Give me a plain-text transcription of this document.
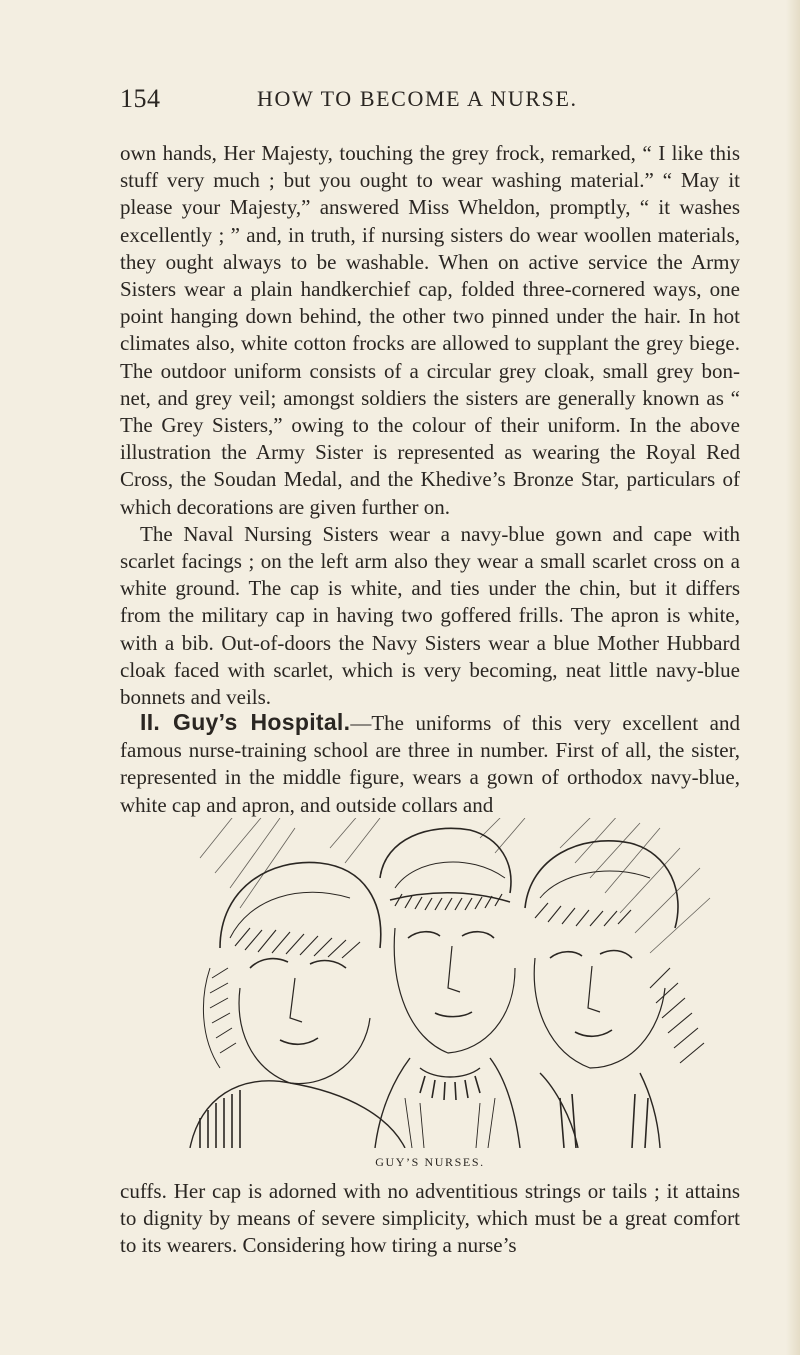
154	HOW TO BECOME A NURSE.

own hands, Her Majesty, touching the grey frock, remarked, “ I like this stuff very much ; but you ought to wear washing material.” “ May it please your Majesty,” answered Miss Wheldon, promptly, “ it washes excellently ; ” and, in truth, if nursing sisters do wear woollen materials, they ought always to be washable. When on active service the Army Sisters wear a plain handkerchief cap, folded three-cornered ways, one point hanging down behind, the other two pinned under the hair. In hot climates also, white cotton frocks are allowed to supplant the grey biege. The outdoor uniform consists of a circular grey cloak, small grey bon-net, and grey veil; amongst soldiers the sisters are generally known as “ The Grey Sisters,” owing to the colour of their uniform. In the above illustration the Army Sister is represented as wearing the Royal Red Cross, the Soudan Medal, and the Khedive’s Bronze Star, particulars of which decorations are given further on.

The Naval Nursing Sisters wear a navy-blue gown and cape with scarlet facings ; on the left arm also they wear a small scarlet cross on a white ground. The cap is white, and ties under the chin, but it differs from the military cap in having two goffered frills. The apron is white, with a bib. Out-of-doors the Navy Sisters wear a blue Mother Hubbard cloak faced with scarlet, which is very becoming, neat little navy-blue bonnets and veils.

II. Guy’s Hospital.—The uniforms of this very excellent and famous nurse-training school are three in number. First of all, the sister, represented in the middle figure, wears a gown of orthodox navy-blue, white cap and apron, and outside collars and

GUY’S NURSES.

cuffs. Her cap is adorned with no adventitious strings or tails ; it attains to dignity by means of severe simplicity, which must be a great comfort to its wearers. Considering how tiring a nurse’s
